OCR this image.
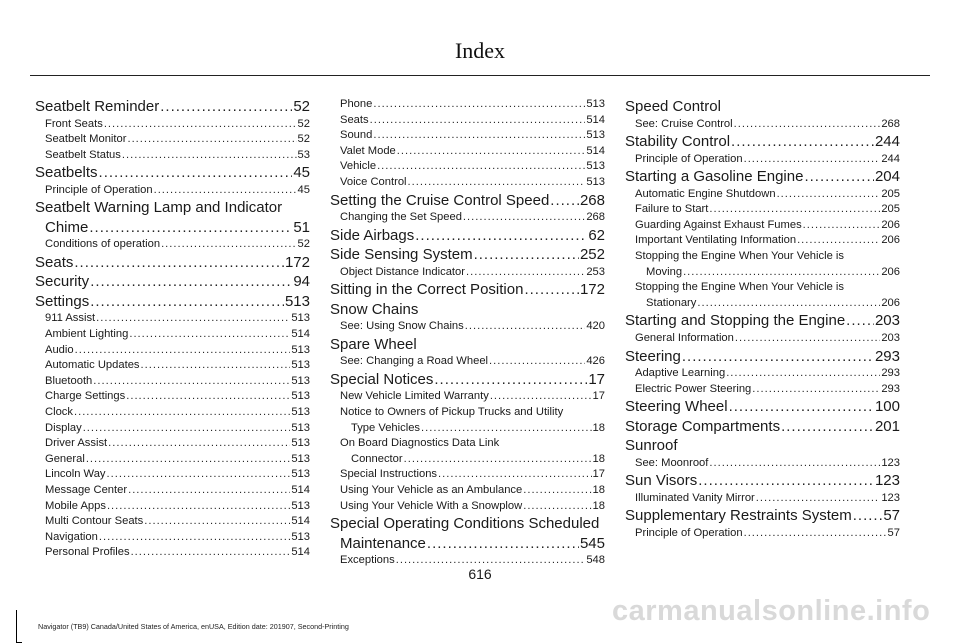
Index
Seatbelt Reminder .....	52
Front Seats .....	52
Seatbelt Monitor .....	52
Seatbelt Status .....	53
Seatbelts .....	45
Principle of Operation .....	45
Seatbelt Warning Lamp and Indicator
Chime .....	51
Conditions of operation .....	52
Seats .....	172
Security .....	94
Settings .....	513
911 Assist .....	513
Ambient Lighting .....	514
Audio .....	513
Automatic Updates .....	513
Bluetooth .....	513
Charge Settings .....	513
Clock .....	513
Display .....	513
Driver Assist .....	513
General .....	513
Lincoln Way .....	513
Message Center .....	514
Mobile Apps .....	513
Multi Contour Seats .....	514
Navigation .....	513
Personal Profiles .....	514
Phone .....	513
Seats .....	514
Sound .....	513
Valet Mode .....	514
Vehicle .....	513
Voice Control .....	513
Setting the Cruise Control Speed ..... 268
Changing the Set Speed .....	268
Side Airbags .....	62
Side Sensing System .....	252
Object Distance Indicator .....	253
Sitting in the Correct Position .....	172
Snow Chains
See: Using Snow Chains .....	420
Spare Wheel
See: Changing a Road Wheel .....	426
Special Notices .....	17
New Vehicle Limited Warranty .....	17
Notice to Owners of Pickup Trucks and Utility
Type Vehicles .....	18
On Board Diagnostics Data Link
Connector .....	18
Special Instructions .....	17
Using Your Vehicle as an Ambulance .....	18
Using Your Vehicle With a Snowplow .....	18
Special Operating Conditions Scheduled
Maintenance .....	545
Exceptions .....	548
Speed Control
See: Cruise Control .....	268
Stability Control .....	244
Principle of Operation .....	244
Starting a Gasoline Engine .....	204
Automatic Engine Shutdown .....	205
Failure to Start .....	205
Guarding Against Exhaust Fumes .....	206
Important Ventilating Information .....	206
Stopping the Engine When Your Vehicle is
Moving .....	206
Stopping the Engine When Your Vehicle is
Stationary .....	206
Starting and Stopping the Engine ..... 203
General Information .....	203
Steering .....	293
Adaptive Learning .....	293
Electric Power Steering .....	293
Steering Wheel .....	100
Storage Compartments .....	201
Sunroof
See: Moonroof .....	123
Sun Visors .....	123
Illuminated Vanity Mirror .....	123
Supplementary Restraints System ..... 57
Principle of Operation .....	57
616
Navigator (TB9) Canada/United States of America, enUSA, Edition date: 201907, Second-Printing	carmanualsonline.info
